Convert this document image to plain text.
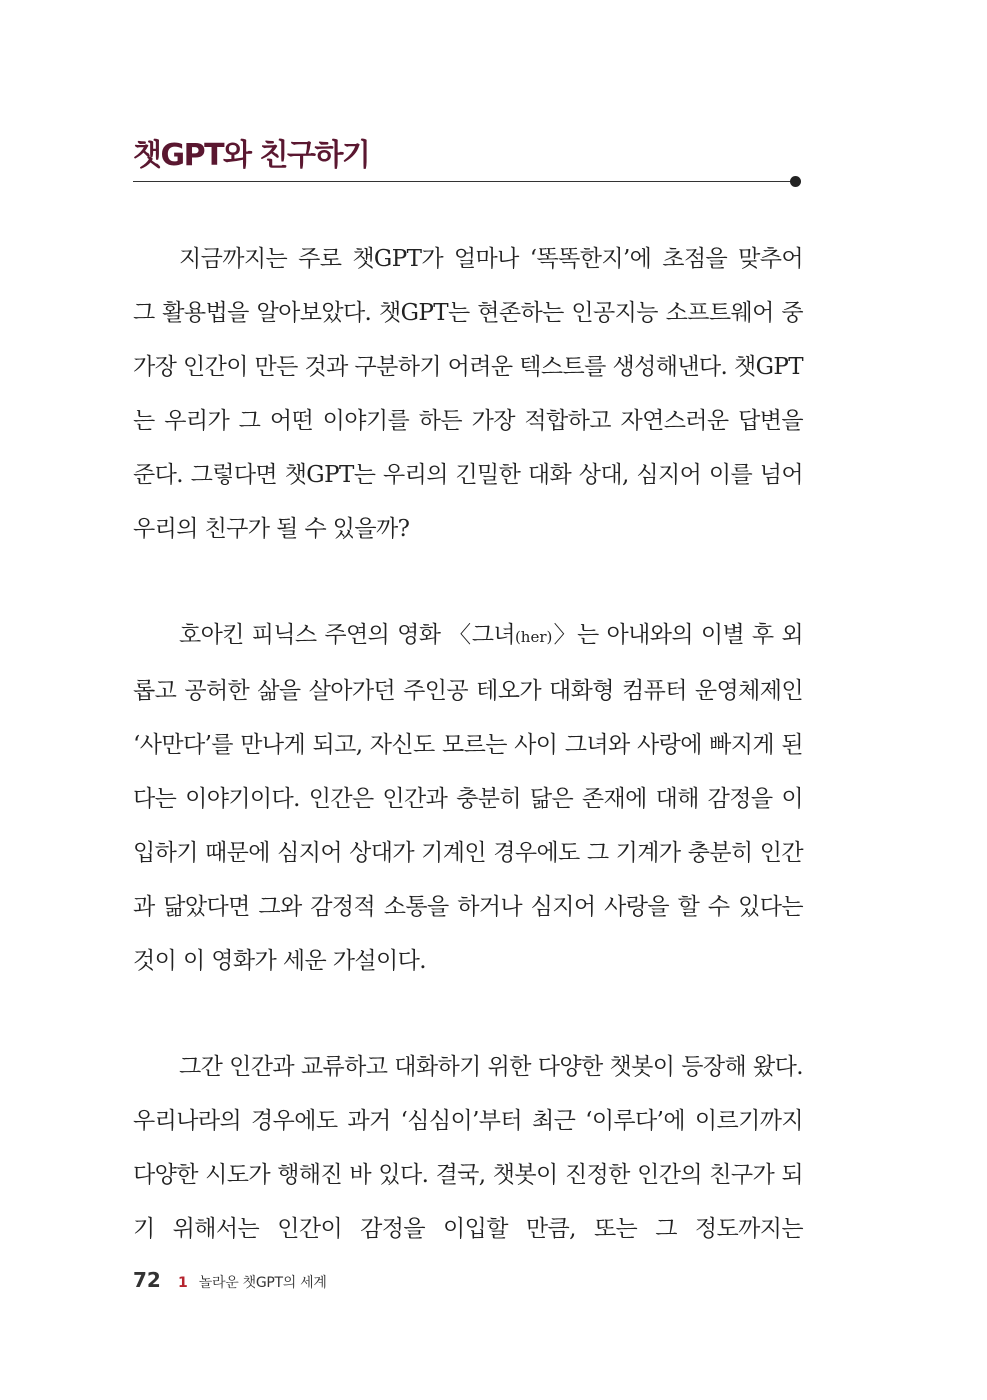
챗GPT와 친구하기

지금까지는 주로 챗GPT가 얼마나 ‘똑똑한지’에 초점을 맞추어 그 활용법을 알아보았다. 챗GPT는 현존하는 인공지능 소프트웨어 중 가장 인간이 만든 것과 구분하기 어려운 텍스트를 생성해낸다. 챗GPT는 우리가 그 어떤 이야기를 하든 가장 적합하고 자연스러운 답변을 준다. 그렇다면 챗GPT는 우리의 긴밀한 대화 상대, 심지어 이를 넘어 우리의 친구가 될 수 있을까?

호아킨 피닉스 주연의 영화 〈그녀(her)〉는 아내와의 이별 후 외롭고 공허한 삶을 살아가던 주인공 테오가 대화형 컴퓨터 운영체제인 ‘사만다’를 만나게 되고, 자신도 모르는 사이 그녀와 사랑에 빠지게 된다는 이야기이다. 인간은 인간과 충분히 닮은 존재에 대해 감정을 이입하기 때문에 심지어 상대가 기계인 경우에도 그 기계가 충분히 인간과 닮았다면 그와 감정적 소통을 하거나 심지어 사랑을 할 수 있다는 것이 이 영화가 세운 가설이다.

그간 인간과 교류하고 대화하기 위한 다양한 챗봇이 등장해 왔다. 우리나라의 경우에도 과거 ‘심심이’부터 최근 ‘이루다’에 이르기까지 다양한 시도가 행해진 바 있다. 결국, 챗봇이 진정한 인간의 친구가 되기 위해서는 인간이 감정을 이입할 만큼, 또는 그 정도까지는

72 1 놀라운 챗GPT의 세계
